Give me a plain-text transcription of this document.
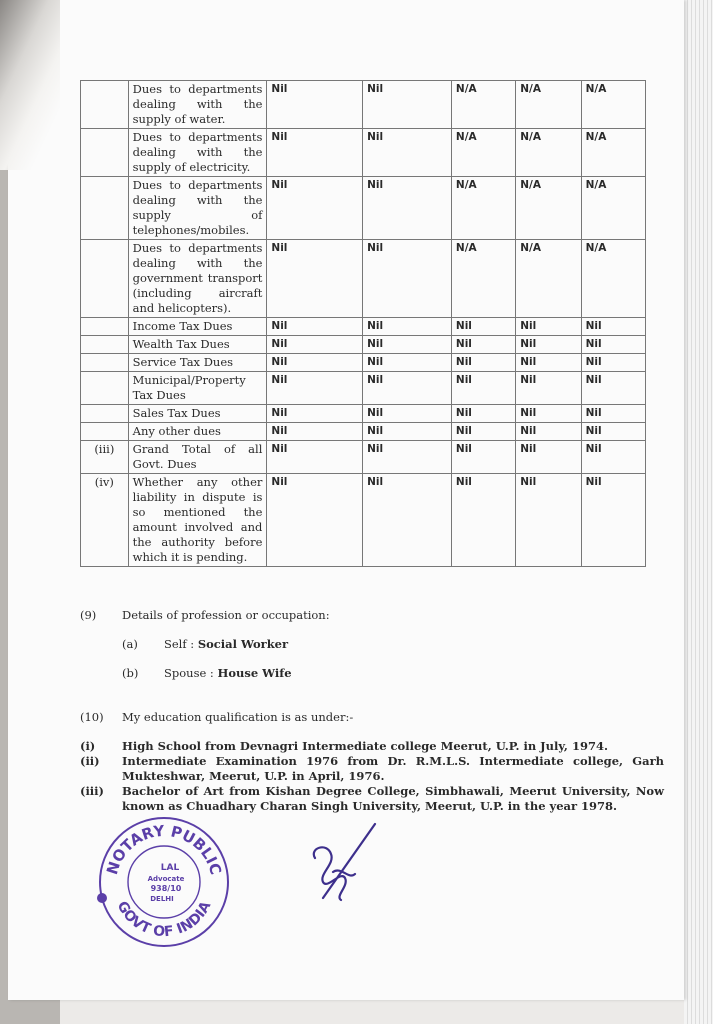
	Dues to departments dealing with the supply of water.	Nil	Nil	N/A	N/A	N/A
	Dues to departments dealing with the supply of electricity.	Nil	Nil	N/A	N/A	N/A
	Dues to departments dealing with the supply of telephones/mobiles.	Nil	Nil	N/A	N/A	N/A
	Dues to departments dealing with the government transport (including aircraft and helicopters).	Nil	Nil	N/A	N/A	N/A
	Income Tax Dues	Nil	Nil	Nil	Nil	Nil
	Wealth Tax Dues	Nil	Nil	Nil	Nil	Nil
	Service Tax Dues	Nil	Nil	Nil	Nil	Nil
	Municipal/Property Tax Dues	Nil	Nil	Nil	Nil	Nil
	Sales Tax Dues	Nil	Nil	Nil	Nil	Nil
	Any other dues	Nil	Nil	Nil	Nil	Nil
(iii)	Grand Total of all Govt. Dues	Nil	Nil	Nil	Nil	Nil
(iv)	Whether any other liability in dispute is so mentioned the amount involved and the authority before which it is pending.	Nil	Nil	Nil	Nil	Nil
(9) Details of profession or occupation:
(a) Self : Social Worker
(b) Spouse : House Wife
(10) My education qualification is as under:-
(i) High School from Devnagri Intermediate college Meerut, U.P. in July, 1974.
(ii) Intermediate Examination 1976 from Dr. R.M.L.S. Intermediate college, Garh Mukteshwar, Meerut, U.P. in April, 1976.
(iii) Bachelor of Art from Kishan Degree College, Simbhawali, Meerut University, Now known as Chuadhary Charan Singh University, Meerut, U.P. in the year 1978.
NOTARY PUBLIC
GOVT OF INDIA
LAL
Advocate
938/10
DELHI
